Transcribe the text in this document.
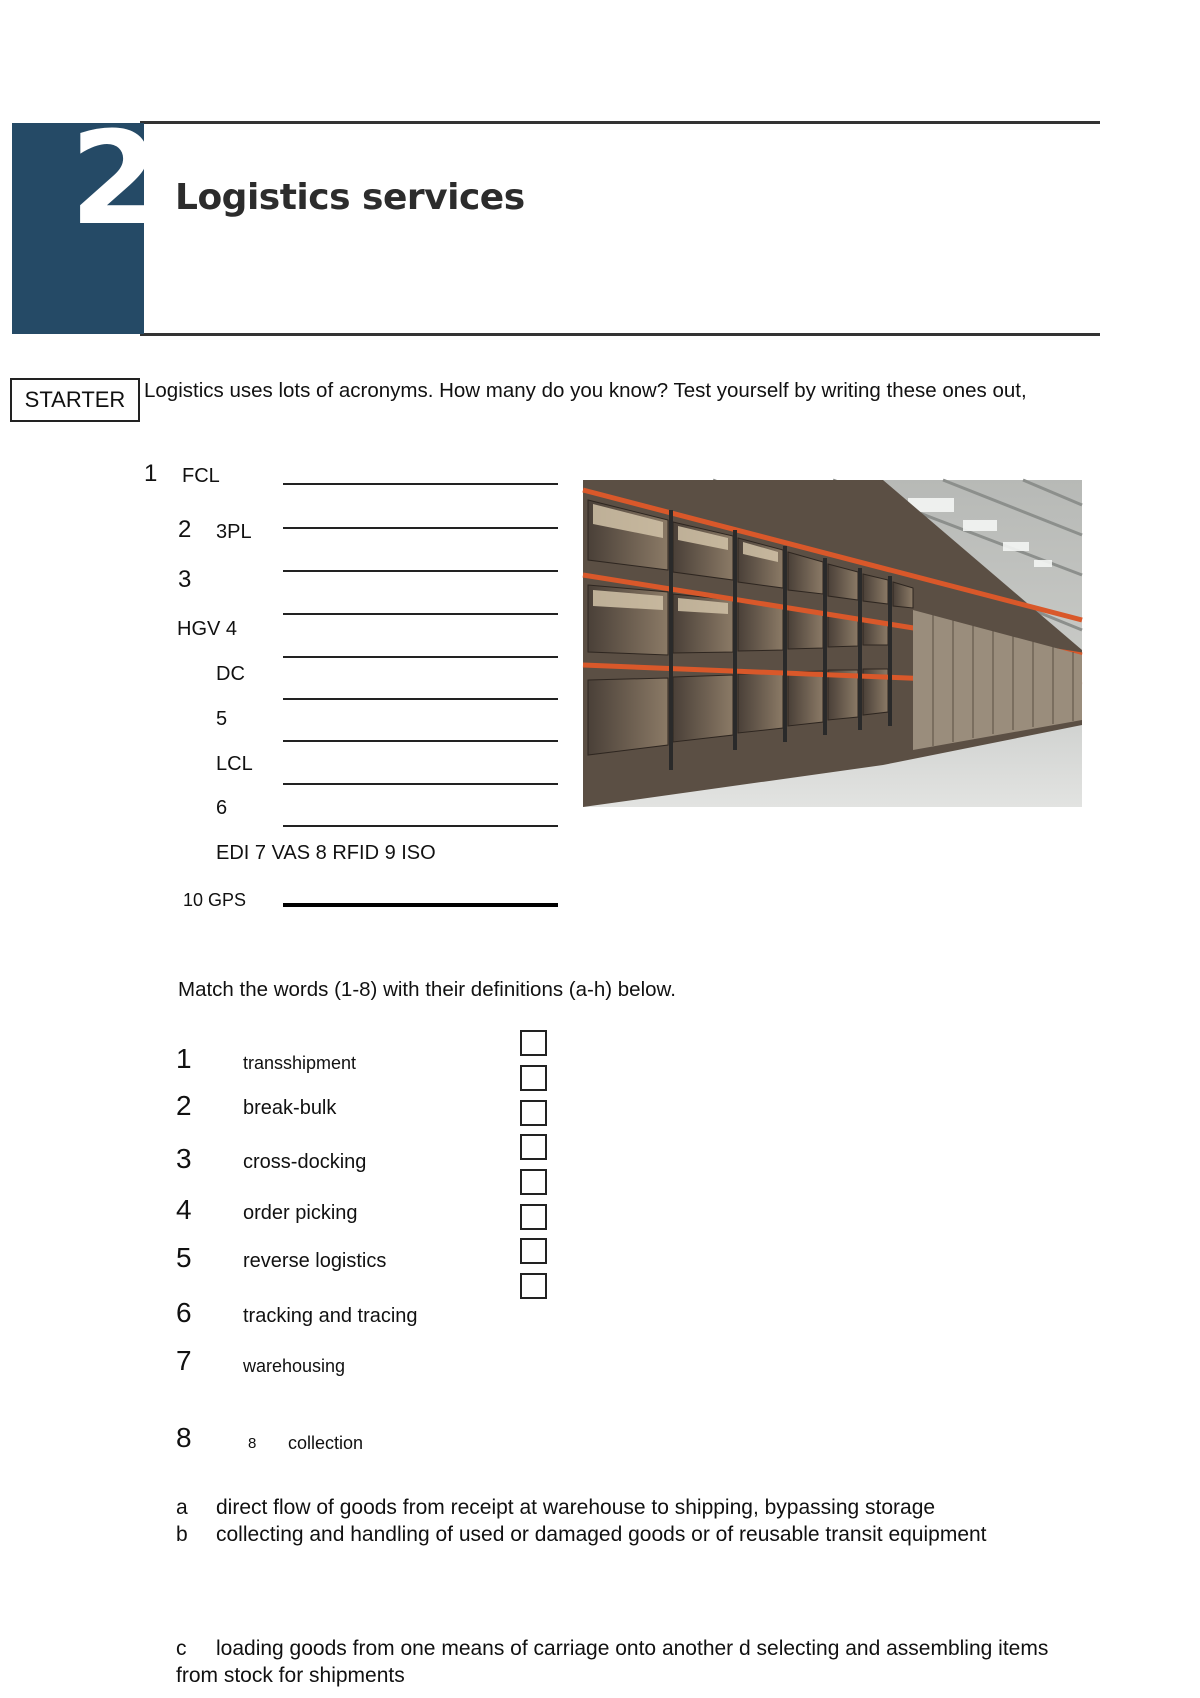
2 Logistics services
STARTER Logistics uses lots of acronyms. How many do you know? Test yourself by writing these ones out,
1 FCL
2 3PL
3
HGV 4
DC
5
LCL
6
EDI 7 VAS 8 RFID 9 ISO
10 GPS
Match the words (1-8) with their definitions (a-h) below.
1	transshipment
2	break-bulk
3	cross-docking
4	order picking
5	reverse logistics
6	tracking and tracing
7	warehousing
8	8 collection
a direct flow of goods from receipt at warehouse to shipping, bypassing storage
b collecting and handling of used or damaged goods or of reusable transit equipment
c loading goods from one means of carriage onto another d selecting and assembling items from stock for shipments
